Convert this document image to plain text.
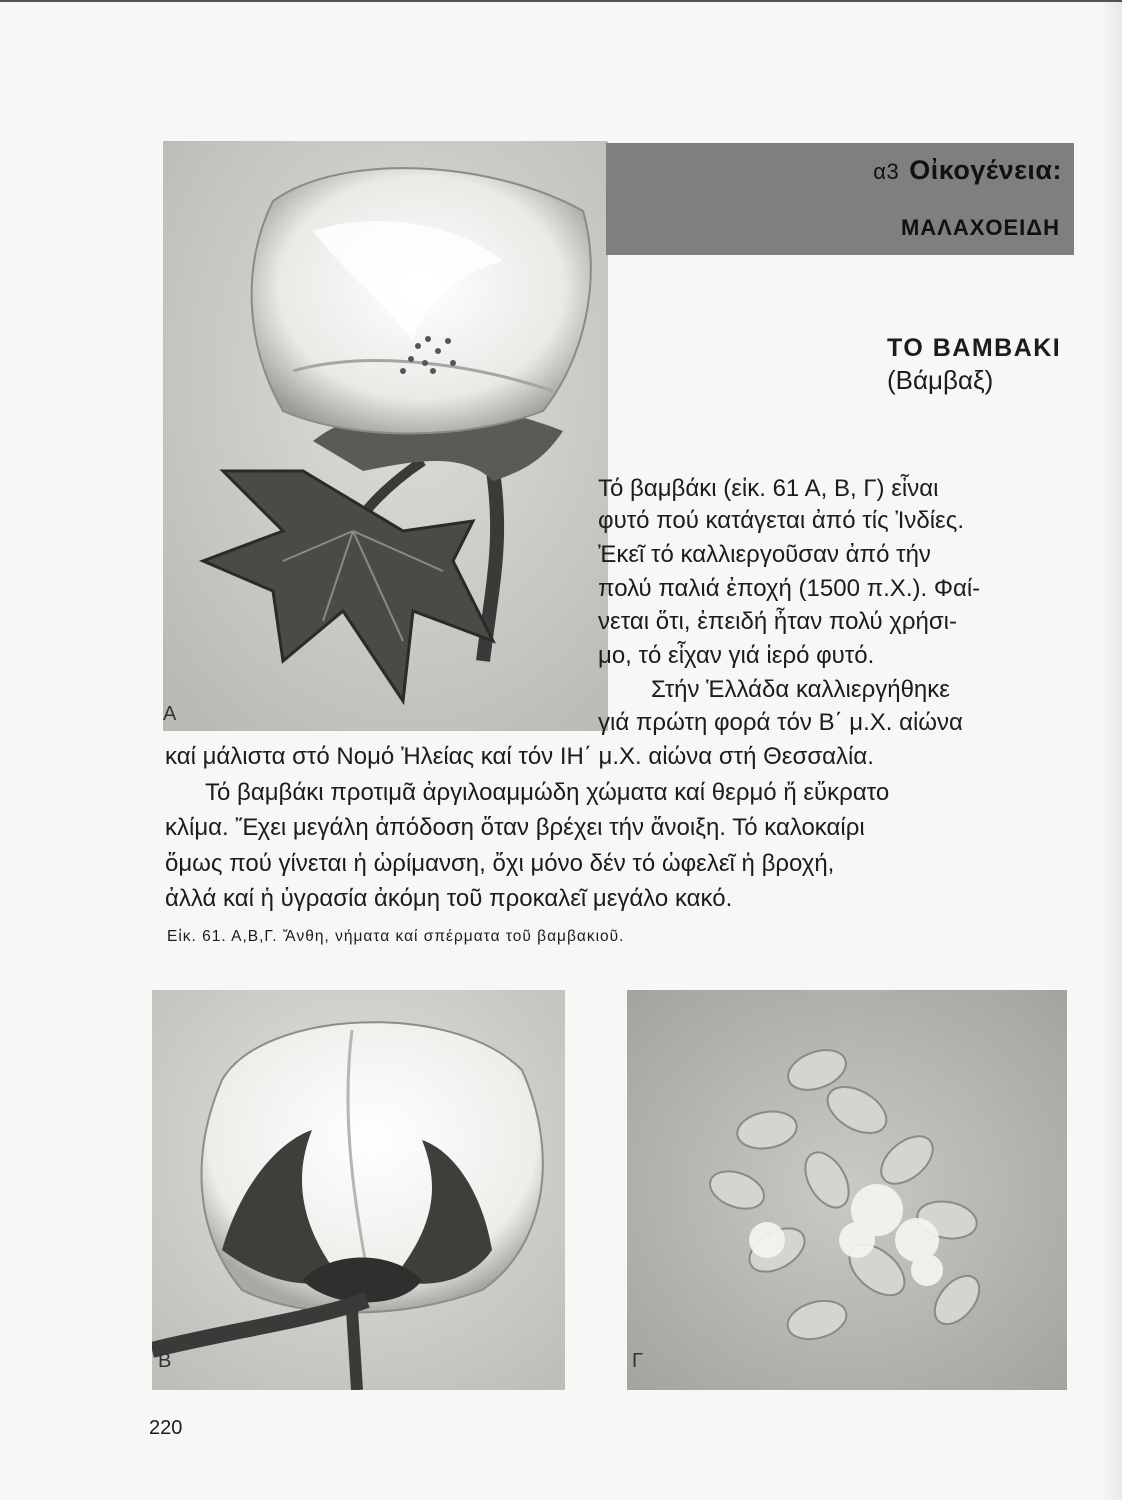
A
α3 Οἰκογένεια:
ΜΑΛΑΧΟΕΙΔΗ
ΤΟ ΒΑΜΒΑΚΙ
(Βάμβαξ)
Τό βαμβάκι (εἰκ. 61 Α, Β, Γ) εἶναι
φυτό πού κατάγεται ἀπό τίς Ἰνδίες.
Ἐκεῖ τό καλλιεργοῦσαν ἀπό τήν
πολύ παλιά ἐποχή (1500 π.Χ.). Φαί-
νεται ὅτι, ἐπειδή ἦταν πολύ χρήσι-
μο, τό εἶχαν γιά ἱερό φυτό.
Στήν Ἑλλάδα καλλιεργήθηκε
γιά πρώτη φορά τόν Β΄ μ.Χ. αἰώνα
καί μάλιστα στό Νομό Ἠλείας καί τόν ΙΗ΄ μ.Χ. αἰώνα στή Θεσσαλία.
Τό βαμβάκι προτιμᾶ ἀργιλοαμμώδη χώματα καί θερμό ἤ εὔκρατο
κλίμα. Ἔχει μεγάλη ἀπόδοση ὅταν βρέχει τήν ἄνοιξη. Τό καλοκαίρι
ὅμως πού γίνεται ἡ ὡρίμανση, ὄχι μόνο δέν τό ὠφελεῖ ἡ βροχή,
ἀλλά καί ἡ ὑγρασία ἀκόμη τοῦ προκαλεῖ μεγάλο κακό.
Εἰκ. 61. Α,Β,Γ. Ἄνθη, νήματα καί σπέρματα τοῦ βαμβακιοῦ.
B	Γ
220
